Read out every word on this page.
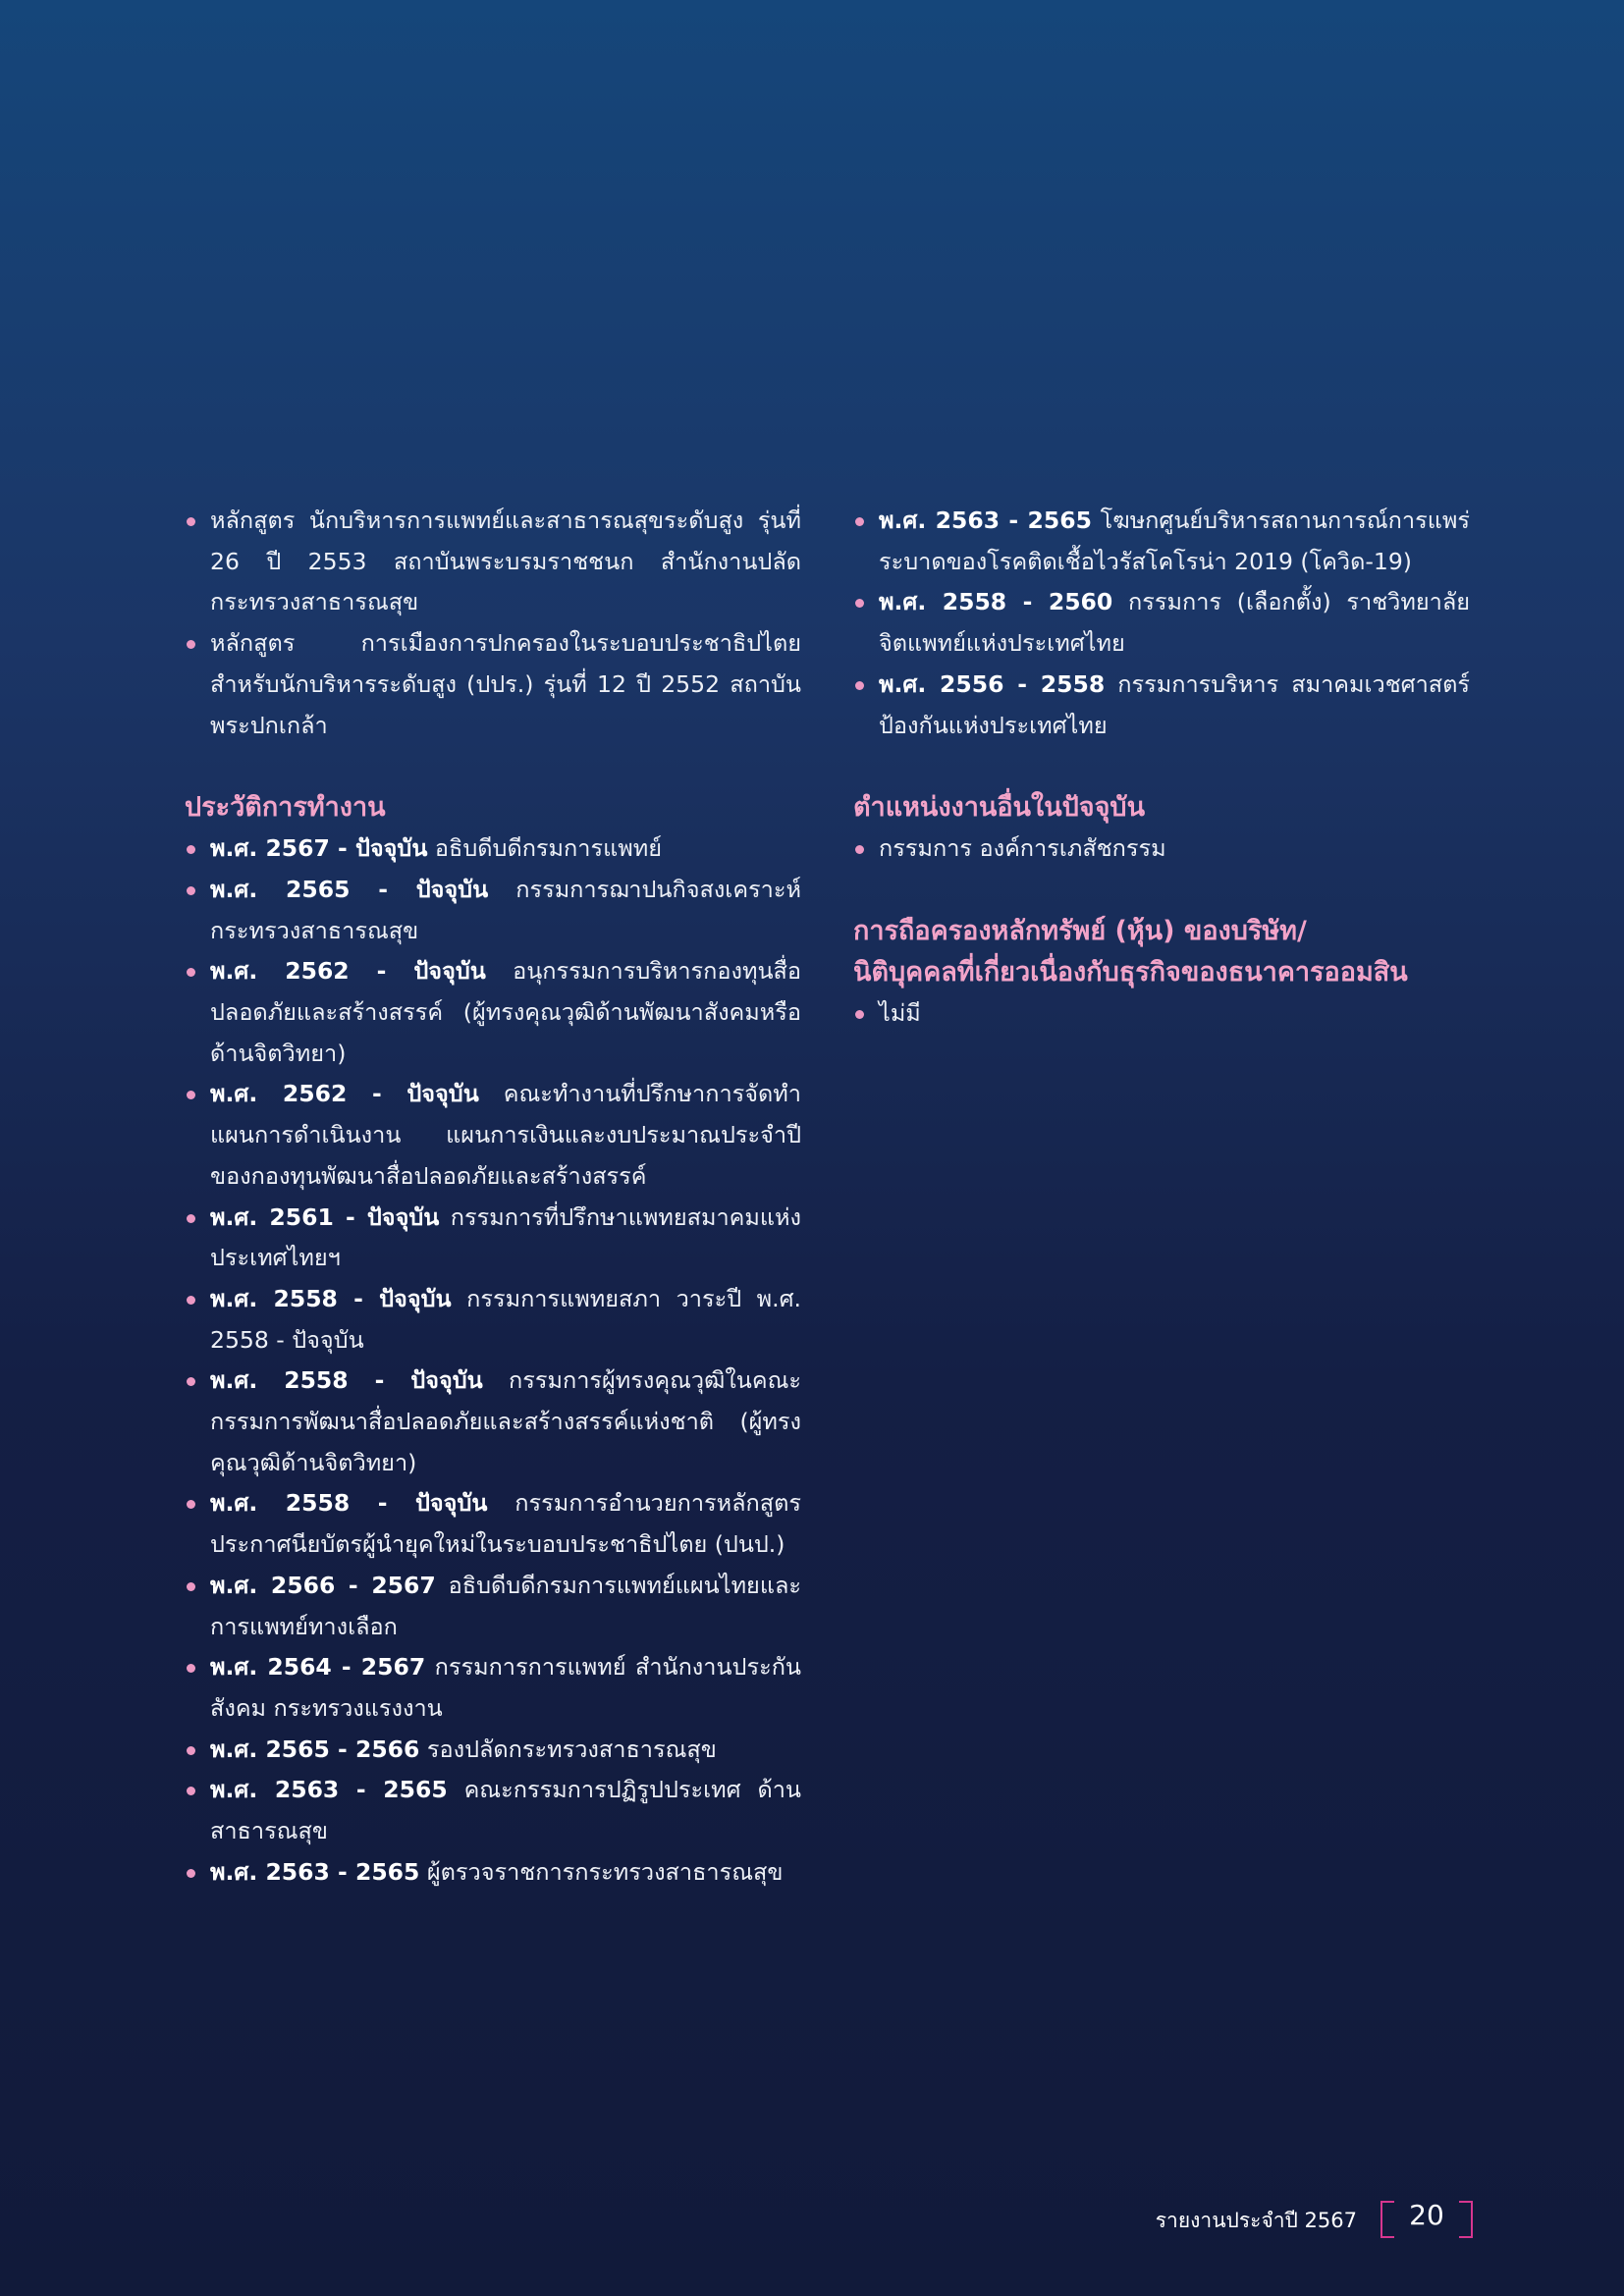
หลักสูตร นักบริหารการแพทย์และสาธารณสุขระดับสูง รุ่นที่ 26 ปี 2553 สถาบันพระบรมราชชนก สำนักงานปลัดกระทรวงสาธารณสุข
หลักสูตร การเมืองการปกครองในระบอบประชาธิปไตย สำหรับนักบริหารระดับสูง (ปปร.) รุ่นที่ 12 ปี 2552 สถาบันพระปกเกล้า
ประวัติการทำงาน
พ.ศ. 2567 - ปัจจุบัน อธิบดีบดีกรมการแพทย์
พ.ศ. 2565 - ปัจจุบัน กรรมการฌาปนกิจสงเคราะห์กระทรวงสาธารณสุข
พ.ศ. 2562 - ปัจจุบัน อนุกรรมการบริหารกองทุนสื่อปลอดภัยและสร้างสรรค์ (ผู้ทรงคุณวุฒิด้านพัฒนาสังคมหรือด้านจิตวิทยา)
พ.ศ. 2562 - ปัจจุบัน คณะทำงานที่ปรึกษาการจัดทำแผนการดำเนินงาน แผนการเงินและงบประมาณประจำปีของกองทุนพัฒนาสื่อปลอดภัยและสร้างสรรค์
พ.ศ. 2561 - ปัจจุบัน กรรมการที่ปรึกษาแพทยสมาคมแห่งประเทศไทยฯ
พ.ศ. 2558 - ปัจจุบัน กรรมการแพทยสภา วาระปี พ.ศ. 2558 - ปัจจุบัน
พ.ศ. 2558 - ปัจจุบัน กรรมการผู้ทรงคุณวุฒิในคณะกรรมการพัฒนาสื่อปลอดภัยและสร้างสรรค์แห่งชาติ (ผู้ทรงคุณวุฒิด้านจิตวิทยา)
พ.ศ. 2558 - ปัจจุบัน กรรมการอำนวยการหลักสูตรประกาศนียบัตรผู้นำยุคใหม่ในระบอบประชาธิปไตย (ปนป.)
พ.ศ. 2566 - 2567 อธิบดีบดีกรมการแพทย์แผนไทยและการแพทย์ทางเลือก
พ.ศ. 2564 - 2567 กรรมการการแพทย์ สำนักงานประกันสังคม กระทรวงแรงงาน
พ.ศ. 2565 - 2566 รองปลัดกระทรวงสาธารณสุข
พ.ศ. 2563 - 2565 คณะกรรมการปฏิรูปประเทศ ด้านสาธารณสุข
พ.ศ. 2563 - 2565 ผู้ตรวจราชการกระทรวงสาธารณสุข
พ.ศ. 2563 - 2565 โฆษกศูนย์บริหารสถานการณ์การแพร่ระบาดของโรคติดเชื้อไวรัสโคโรน่า 2019 (โควิด-19)
พ.ศ. 2558 - 2560 กรรมการ (เลือกตั้ง) ราชวิทยาลัยจิตแพทย์แห่งประเทศไทย
พ.ศ. 2556 - 2558 กรรมการบริหาร สมาคมเวชศาสตร์ป้องกันแห่งประเทศไทย
ตำแหน่งงานอื่นในปัจจุบัน
กรรมการ องค์การเภสัชกรรม
การถือครองหลักทรัพย์ (หุ้น) ของบริษัท/
นิติบุคคลที่เกี่ยวเนื่องกับธุรกิจของธนาคารออมสิน
ไม่มี
รายงานประจำปี 2567 20
